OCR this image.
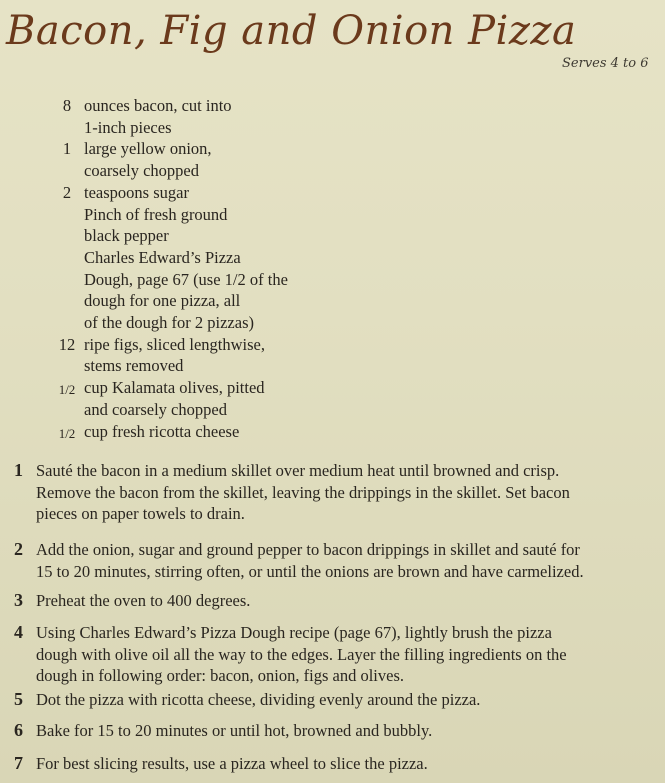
Bacon, Fig and Onion Pizza
Serves 4 to 6
8 ounces bacon, cut into
1-inch pieces
1 large yellow onion,
coarsely chopped
2 teaspoons sugar
Pinch of fresh ground
black pepper
Charles Edward’s Pizza
Dough, page 67 (use 1/2 of the
dough for one pizza, all
of the dough for 2 pizzas)
12 ripe figs, sliced lengthwise,
stems removed
1/2 cup Kalamata olives, pitted
and coarsely chopped
1/2 cup fresh ricotta cheese
1 Sauté the bacon in a medium skillet over medium heat until browned and crisp.
Remove the bacon from the skillet, leaving the drippings in the skillet. Set bacon
pieces on paper towels to drain.
2 Add the onion, sugar and ground pepper to bacon drippings in skillet and sauté for
15 to 20 minutes, stirring often, or until the onions are brown and have carmelized.
3 Preheat the oven to 400 degrees.
4 Using Charles Edward’s Pizza Dough recipe (page 67), lightly brush the pizza
dough with olive oil all the way to the edges. Layer the filling ingredients on the
dough in following order: bacon, onion, figs and olives.
5 Dot the pizza with ricotta cheese, dividing evenly around the pizza.
6 Bake for 15 to 20 minutes or until hot, browned and bubbly.
7 For best slicing results, use a pizza wheel to slice the pizza.
